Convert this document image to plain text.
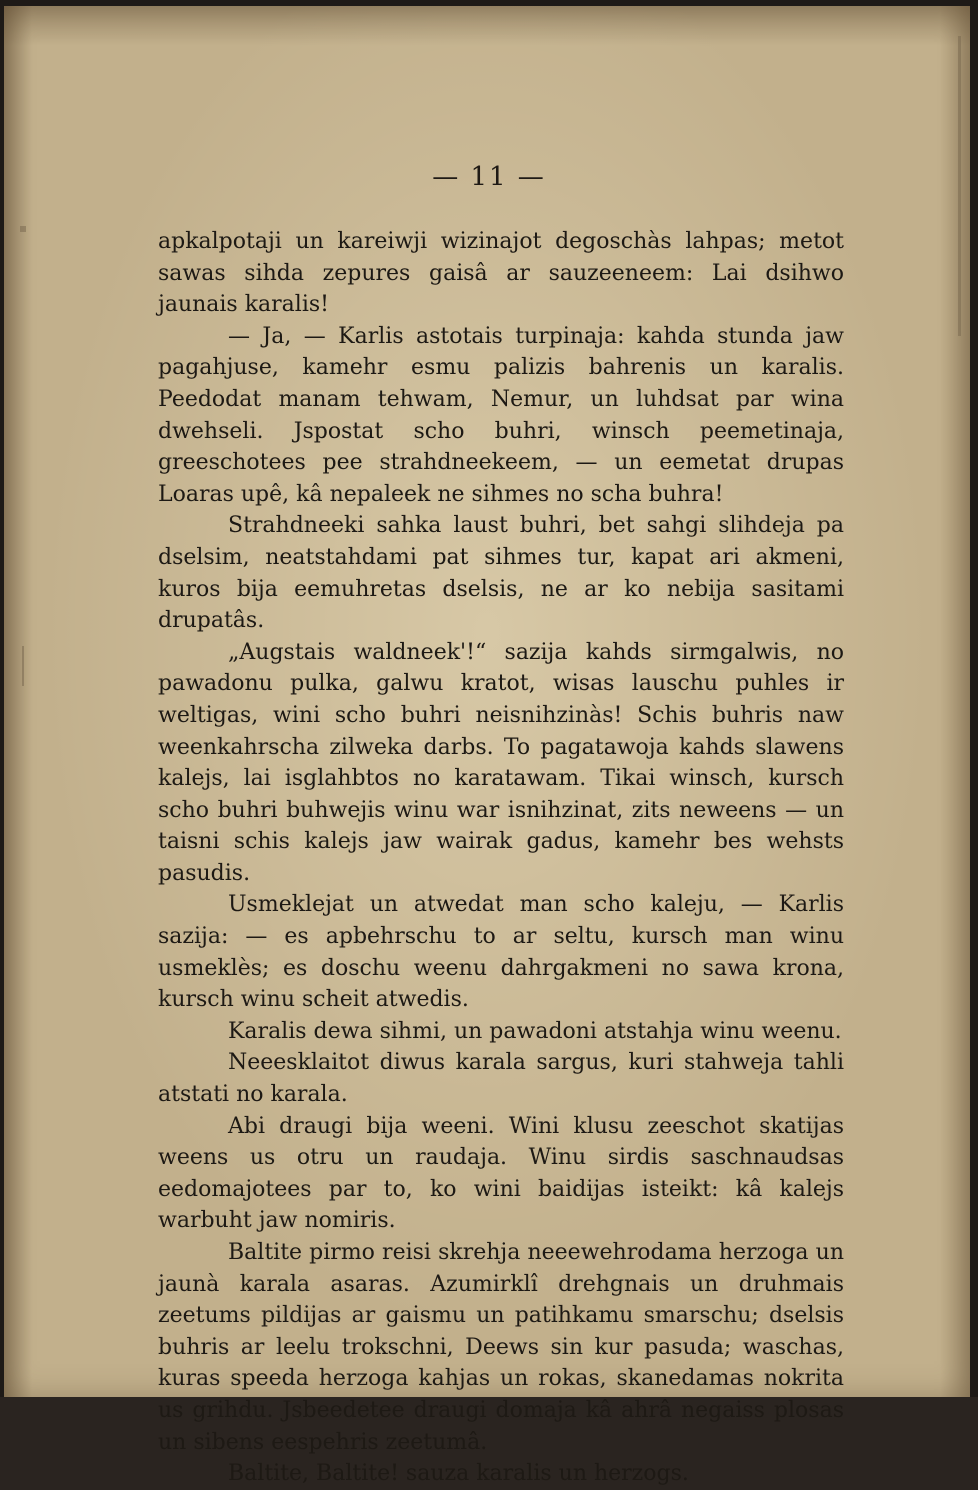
— 11 —

apkalpotaji un kareiwji wizinajot degoschàs lahpas; metot sawas sihda zepures gaisâ ar sauzeeneem: Lai dsihwo jaunais karalis!

— Ja, — Karlis astotais turpinaja: kahda stunda jaw pagahjuse, kamehr esmu palizis bahrenis un karalis. Peedodat manam tehwam, Nemur, un luhdsat par wina dwehseli. Jspostat scho buhri, winsch peemetinaja, greeschotees pee strahdneekeem, — un eemetat drupas Loaras upê, kâ nepaleek ne sihmes no scha buhra!

Strahdneeki sahka laust buhri, bet sahgi slihdeja pa dselsim, neatstahdami pat sihmes tur, kapat ari akmeni, kuros bija eemuhretas dselsis, ne ar ko nebija sasitami drupatâs.

„Augstais waldneek'!“ sazija kahds sirmgalwis, no pawadonu pulka, galwu kratot, wisas lauschu puhles ir weltigas, wini scho buhri neisnihzinàs! Schis buhris naw weenkahrscha zilweka darbs. To pagatawoja kahds slawens kalejs, lai isglahbtos no karatawam. Tikai winsch, kursch scho buhri buhwejis winu war isnihzinat, zits neweens — un taisni schis kalejs jaw wairak gadus, kamehr bes wehsts pasudis.

Usmeklejat un atwedat man scho kaleju, — Karlis sazija: — es apbehrschu to ar seltu, kursch man winu usmeklès; es doschu weenu dahrgakmeni no sawa krona, kursch winu scheit atwedis.

Karalis dewa sihmi, un pawadoni atstahja winu weenu.

Neeesklaitot diwus karala sargus, kuri stahweja tahli atstati no karala.

Abi draugi bija weeni. Wini klusu zeeschot skatijas weens us otru un raudaja. Winu sirdis saschnaudsas eedomajotees par to, ko wini baidijas isteikt: kâ kalejs warbuht jaw nomiris.

Baltite pirmo reisi skrehja neeewehrodama herzoga un jaunà karala asaras. Azumirklî drehgnais un druhmais zeetums pildijas ar gaismu un patihkamu smarschu; dselsis buhris ar leelu trokschni, Deews sin kur pasuda; waschas, kuras speeda herzoga kahjas un rokas, skanedamas nokrita us grihdu. Jsbeedetee draugi domaja kâ ahrâ negaiss plosas un sibens eespehris zeetumâ.

Baltite, Baltite! sauza karalis un herzogs.
